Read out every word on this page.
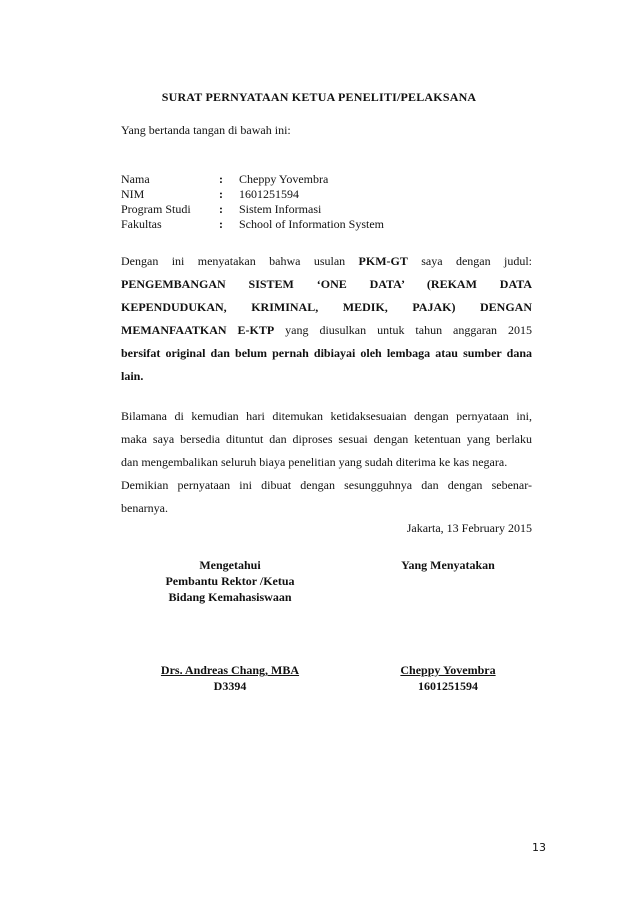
SURAT PERNYATAAN KETUA PENELITI/PELAKSANA
Yang bertanda tangan di bawah ini:
Nama	:	Cheppy Yovembra
NIM	:	1601251594
Program Studi	:	Sistem Informasi
Fakultas	:	School of Information System
Dengan ini menyatakan bahwa usulan PKM-GT saya dengan judul:
PENGEMBANGAN SISTEM ‘ONE DATA’ (REKAM DATA
KEPENDUDUKAN, KRIMINAL, MEDIK, PAJAK) DENGAN
MEMANFAATKAN E-KTP yang diusulkan untuk tahun anggaran 2015
bersifat original dan belum pernah dibiayai oleh lembaga atau sumber dana
lain.
Bilamana di kemudian hari ditemukan ketidaksesuaian dengan pernyataan ini,
maka saya bersedia dituntut dan diproses sesuai dengan ketentuan yang berlaku
dan mengembalikan seluruh biaya penelitian yang sudah diterima ke kas negara.
Demikian pernyataan ini dibuat dengan sesungguhnya dan dengan sebenar-
benarnya.
Jakarta, 13 February 2015
Mengetahui
Pembantu Rektor /Ketua
Bidang Kemahasiswaan
Yang Menyatakan
Drs. Andreas Chang, MBA
D3394
Cheppy Yovembra
1601251594
13
